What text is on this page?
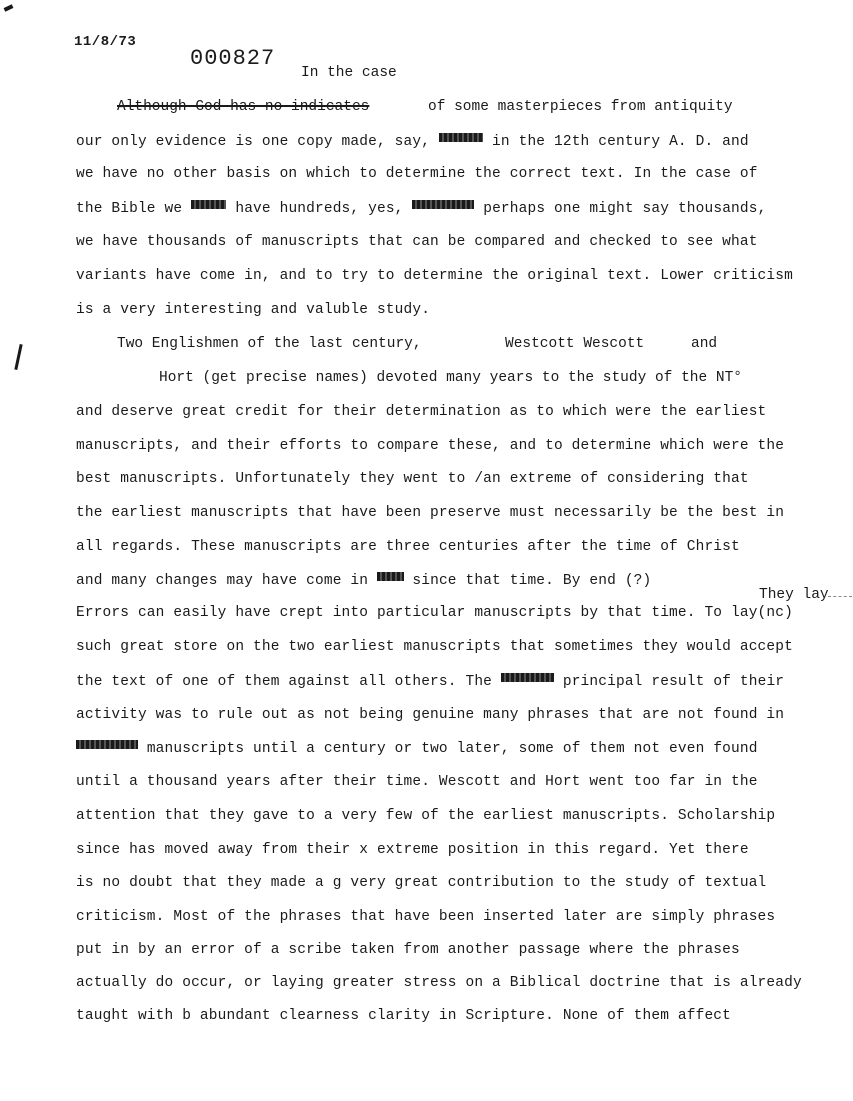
11/8/73
000827
In the case
Although God has no indicates	of some masterpieces from antiquity
our only evidence is one copy made, say,	in the 12th century A. D. and
we have no other basis on which to determine the correct text. In the case of
the Bible we	have hundreds, yes,	perhaps one might say thousands,
we have thousands of manuscripts that can be compared and checked to see what
variants have come in, and to try to determine the original text. Lower criticism
is a very interesting and valuble study.
Two Englishmen of the last century,	Westcott Wescott	and
Hort (get precise names) devoted many years to the study of the NT°
and deserve great credit for their determination as to which were the earliest
manuscripts, and their efforts to compare these, and to determine which were the
best manuscripts. Unfortunately they went to /an extreme of considering that
the earliest manuscripts that have been preserve must necessarily be the best in
all regards. These manuscripts are three centuries after the time of Christ
and many changes may have come in	since that time. By end (?)
They lay
Errors can easily have crept into particular manuscripts by that time. To lay(nc)
such great store on the two earliest manuscripts that sometimes they would accept
the text of one of them against all others. The	principal result of their
activity was to rule out as not being genuine many phrases that are not found in
manuscripts until a century or two later, some of them not even found
until a thousand years after their time. Wescott and Hort went too far in the
attention that they gave to a very few of the earliest manuscripts. Scholarship
since has moved away from their x extreme position in this regard. Yet there
is no doubt that they made a g very great contribution to the study of textual
criticism. Most of the phrases that have been inserted later are simply phrases
put in by an error of a scribe taken from another passage where the phrases
actually do occur, or laying greater stress on a Biblical doctrine that is already
taught with b abundant clearness clarity in Scripture. None of them affect
